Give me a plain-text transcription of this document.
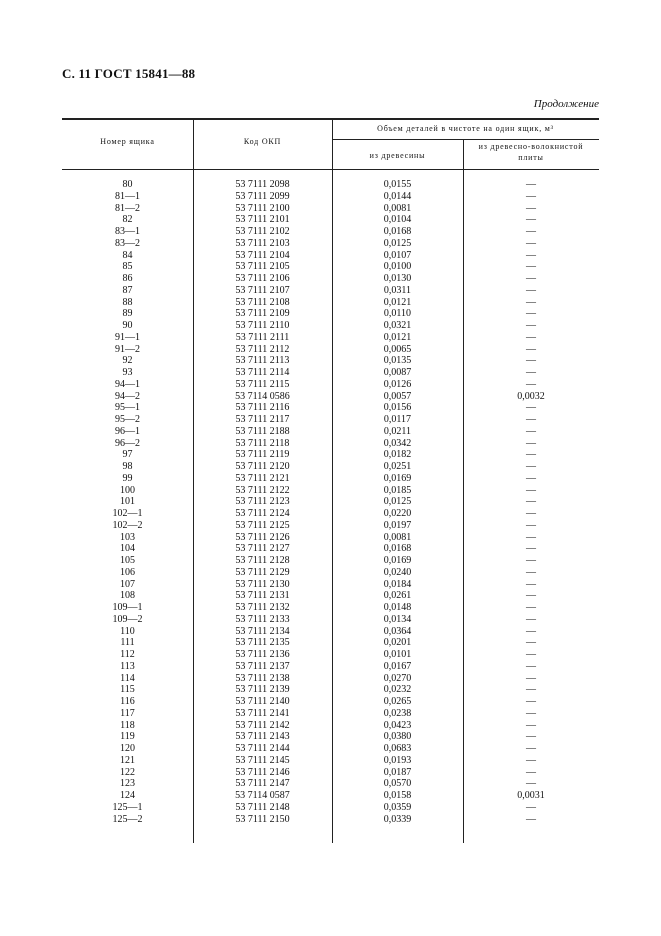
С. 11 ГОСТ 15841—88
Продолжение
Номер ящика	Код ОКП
Объем деталей в чистоте на один ящик, м³
из древесины
из древесно-волокнистой
плиты
80	53 7111 2098	0,0155	—
81—1	53 7111 2099	0,0144	—
81—2	53 7111 2100	0,0081	—
82	53 7111 2101	0,0104	—
83—1	53 7111 2102	0,0168	—
83—2	53 7111 2103	0,0125	—
84	53 7111 2104	0,0107	—
85	53 7111 2105	0,0100	—
86	53 7111 2106	0,0130	—
87	53 7111 2107	0,0311	—
88	53 7111 2108	0,0121	—
89	53 7111 2109	0,0110	—
90	53 7111 2110	0,0321	—
91—1	53 7111 2111	0,0121	—
91—2	53 7111 2112	0,0065	—
92	53 7111 2113	0,0135	—
93	53 7111 2114	0,0087	—
94—1	53 7111 2115	0,0126	—
94—2	53 7114 0586	0,0057	0,0032
95—1	53 7111 2116	0,0156	—
95—2	53 7111 2117	0,0117	—
96—1	53 7111 2188	0,0211	—
96—2	53 7111 2118	0,0342	—
97	53 7111 2119	0,0182	—
98	53 7111 2120	0,0251	—
99	53 7111 2121	0,0169	—
100	53 7111 2122	0,0185	—
101	53 7111 2123	0,0125	—
102—1	53 7111 2124	0,0220	—
102—2	53 7111 2125	0,0197	—
103	53 7111 2126	0,0081	—
104	53 7111 2127	0,0168	—
105	53 7111 2128	0,0169	—
106	53 7111 2129	0,0240	—
107	53 7111 2130	0,0184	—
108	53 7111 2131	0,0261	—
109—1	53 7111 2132	0,0148	—
109—2	53 7111 2133	0,0134	—
110	53 7111 2134	0,0364	—
111	53 7111 2135	0,0201	—
112	53 7111 2136	0,0101	—
113	53 7111 2137	0,0167	—
114	53 7111 2138	0,0270	—
115	53 7111 2139	0,0232	—
116	53 7111 2140	0,0265	—
117	53 7111 2141	0,0238	—
118	53 7111 2142	0,0423	—
119	53 7111 2143	0,0380	—
120	53 7111 2144	0,0683	—
121	53 7111 2145	0,0193	—
122	53 7111 2146	0,0187	—
123	53 7111 2147	0,0570	—
124	53 7114 0587	0,0158	0,0031
125—1	53 7111 2148	0,0359	—
125—2	53 7111 2150	0,0339	—
